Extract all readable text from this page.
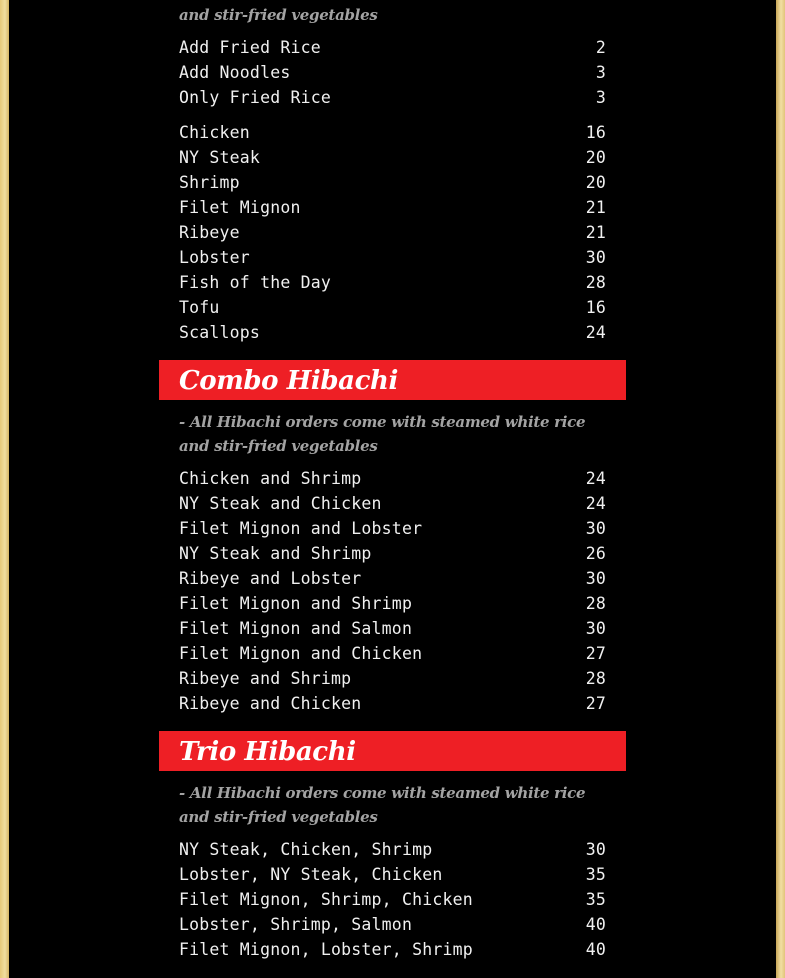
and stir-fried vegetables
Add Fried Rice	2
Add Noodles	3
Only Fried Rice	3
Chicken	16
NY Steak	20
Shrimp	20
Filet Mignon	21
Ribeye	21
Lobster	30
Fish of the Day	28
Tofu	16
Scallops	24
Combo Hibachi
- All Hibachi orders come with steamed white rice and stir-fried vegetables
Chicken and Shrimp	24
NY Steak and Chicken	24
Filet Mignon and Lobster	30
NY Steak and Shrimp	26
Ribeye and Lobster	30
Filet Mignon and Shrimp	28
Filet Mignon and Salmon	30
Filet Mignon and Chicken	27
Ribeye and Shrimp	28
Ribeye and Chicken	27
Trio Hibachi
- All Hibachi orders come with steamed white rice and stir-fried vegetables
NY Steak, Chicken, Shrimp	30
Lobster, NY Steak, Chicken	35
Filet Mignon, Shrimp, Chicken	35
Lobster, Shrimp, Salmon	40
Filet Mignon, Lobster, Shrimp	40
